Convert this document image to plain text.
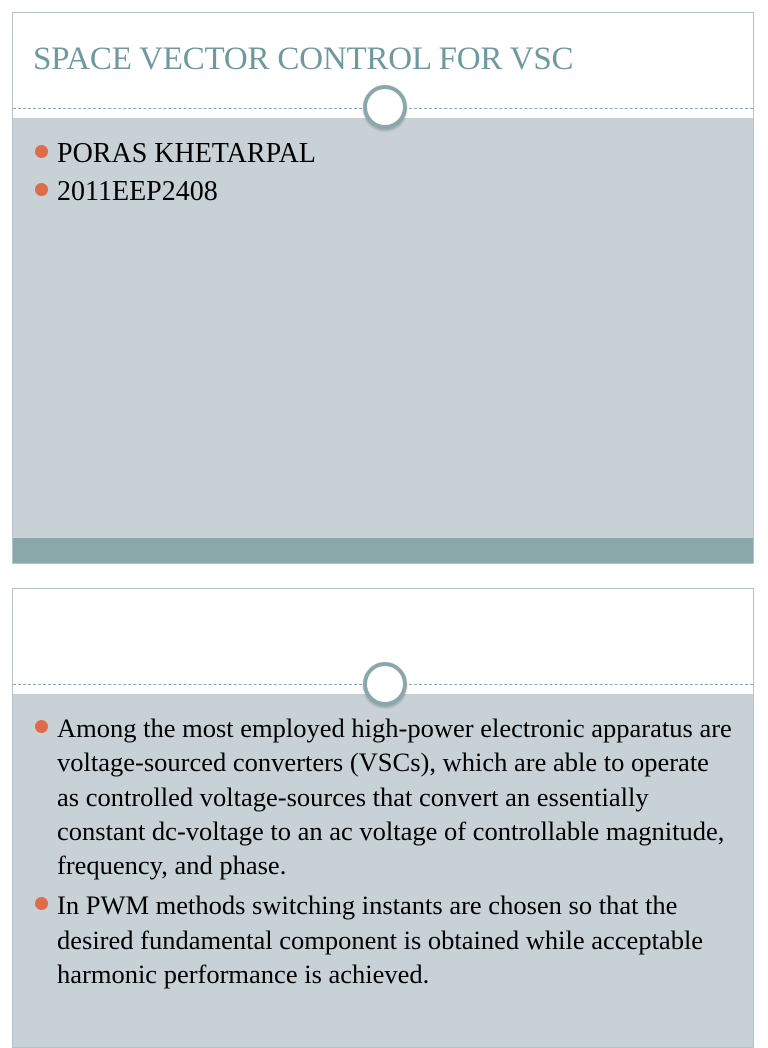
SPACE VECTOR CONTROL FOR VSC
PORAS KHETARPAL
2011EEP2408
Among the most employed high-power electronic apparatus are voltage-sourced converters (VSCs), which are able to operate as controlled voltage-sources that convert an essentially constant dc-voltage to an ac voltage of controllable magnitude, frequency, and phase.
In PWM methods switching instants are chosen so that the desired fundamental component is obtained while acceptable harmonic performance is achieved.
